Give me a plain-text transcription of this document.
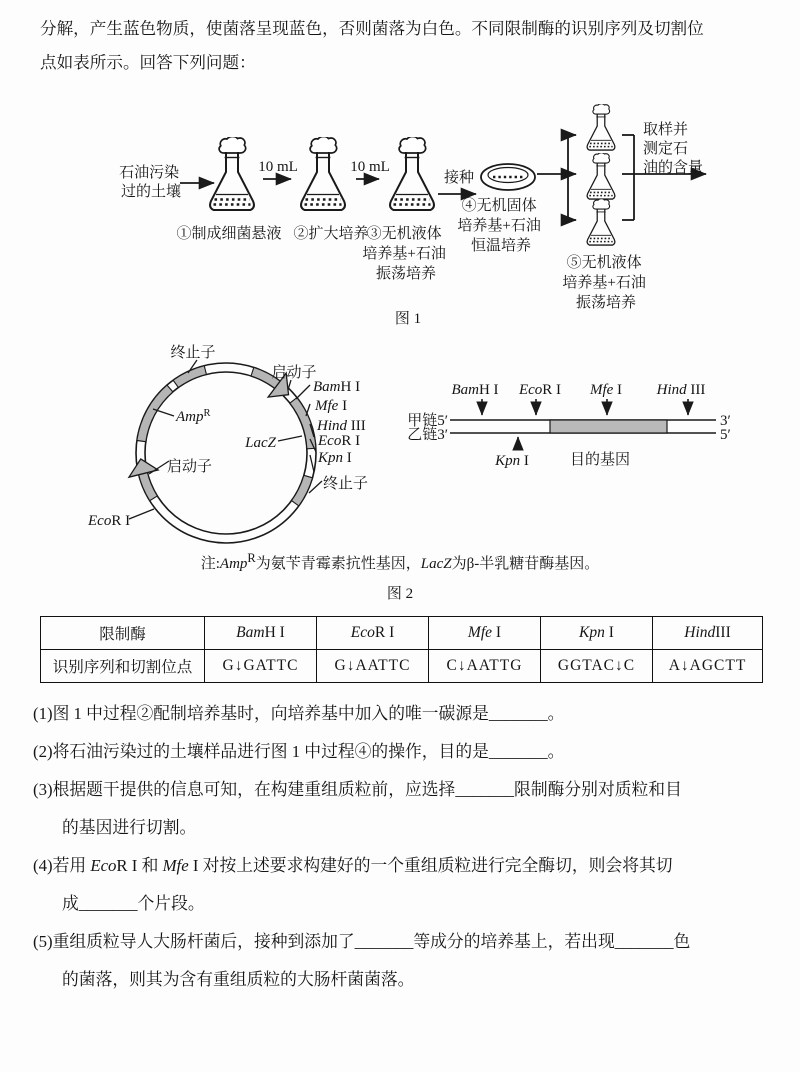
分解，产生蓝色物质，使菌落呈现蓝色，否则菌落为白色。不同限制酶的识别序列及切割位

点如表所示。回答下列问题：

石油污染 过的土壤
①制成细菌悬液
10 mL
②扩大培养
10 mL
③无机液体 培养基+石油 振荡培养
接种
④无机固体 培养基+石油 恒温培养
取样并 测定石 油的含量
⑤无机液体 培养基+石油 振荡培养
图 1
终止子
启动子
BamH I
Mfe I
Hind III
EcoR I
Kpn I
终止子
LacZ
Amp$^R$
启动子
EcoR I
BamH I EcoR I Mfe I Hind III
甲链5′
乙链3′
3′
5′
Kpn I	目的基因
注:Amp$^R$为氨苄青霉素抗性基因，LacZ为β-半乳糖苷酶基因。
图 2
限制酶	BamH I	EcoR I	Mfe I	Kpn I	HindIII
识别序列和切割位点	G↓GATTC	G↓AATTC	C↓AATTG	GGTAC↓C	A↓AGCTT

(1)图 1 中过程②配制培养基时，向培养基中加入的唯一碳源是_______。

(2)将石油污染过的土壤样品进行图 1 中过程④的操作，目的是_______。

(3)根据题干提供的信息可知，在构建重组质粒前，应选择_______限制酶分别对质粒和目

的基因进行切割。

(4)若用 EcoR I 和 Mfe I 对按上述要求构建好的一个重组质粒进行完全酶切，则会将其切

成_______个片段。

(5)重组质粒导人大肠杆菌后，接种到添加了_______等成分的培养基上，若出现_______色

的菌落，则其为含有重组质粒的大肠杆菌菌落。
